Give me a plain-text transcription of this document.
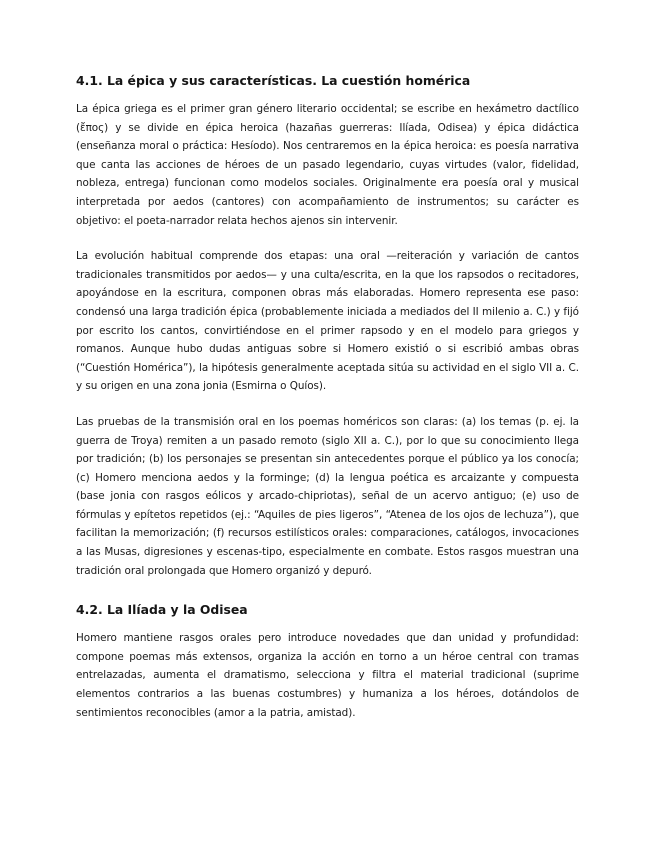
4.1. La épica y sus características. La cuestión homérica

La épica griega es el primer gran género literario occidental; se escribe en hexámetro dactílico (ἔπος) y se divide en épica heroica (hazañas guerreras: Ilíada, Odisea) y épica didáctica (enseñanza moral o práctica: Hesíodo). Nos centraremos en la épica heroica: es poesía narrativa que canta las acciones de héroes de un pasado legendario, cuyas virtudes (valor, fidelidad, nobleza, entrega) funcionan como modelos sociales. Originalmente era poesía oral y musical interpretada por aedos (cantores) con acompañamiento de instrumentos; su carácter es objetivo: el poeta-narrador relata hechos ajenos sin intervenir.

La evolución habitual comprende dos etapas: una oral —reiteración y variación de cantos tradicionales transmitidos por aedos— y una culta/escrita, en la que los rapsodos o recitadores, apoyándose en la escritura, componen obras más elaboradas. Homero representa ese paso: condensó una larga tradición épica (probablemente iniciada a mediados del II milenio a. C.) y fijó por escrito los cantos, convirtiéndose en el primer rapsodo y en el modelo para griegos y romanos. Aunque hubo dudas antiguas sobre si Homero existió o si escribió ambas obras (“Cuestión Homérica”), la hipótesis generalmente aceptada sitúa su actividad en el siglo VII a. C. y su origen en una zona jonia (Esmirna o Quíos).

Las pruebas de la transmisión oral en los poemas homéricos son claras: (a) los temas (p. ej. la guerra de Troya) remiten a un pasado remoto (siglo XII a. C.), por lo que su conocimiento llega por tradición; (b) los personajes se presentan sin antecedentes porque el público ya los conocía; (c) Homero menciona aedos y la forminge; (d) la lengua poética es arcaizante y compuesta (base jonia con rasgos eólicos y arcado-chipriotas), señal de un acervo antiguo; (e) uso de fórmulas y epítetos repetidos (ej.: “Aquiles de pies ligeros”, “Atenea de los ojos de lechuza”), que facilitan la memorización; (f) recursos estilísticos orales: comparaciones, catálogos, invocaciones a las Musas, digresiones y escenas-tipo, especialmente en combate. Estos rasgos muestran una tradición oral prolongada que Homero organizó y depuró.

4.2. La Ilíada y la Odisea

Homero mantiene rasgos orales pero introduce novedades que dan unidad y profundidad: compone poemas más extensos, organiza la acción en torno a un héroe central con tramas entrelazadas, aumenta el dramatismo, selecciona y filtra el material tradicional (suprime elementos contrarios a las buenas costumbres) y humaniza a los héroes, dotándolos de sentimientos reconocibles (amor a la patria, amistad).
